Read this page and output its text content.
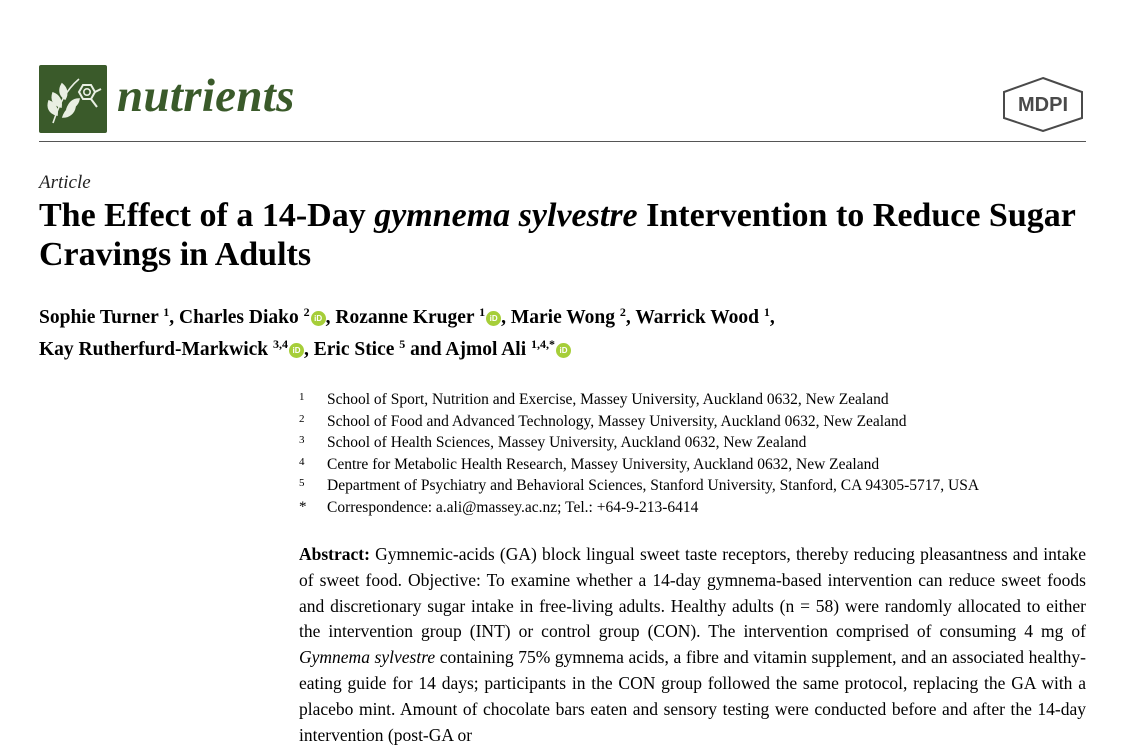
nutrients	MDPI
Article
The Effect of a 14-Day gymnema sylvestre Intervention to Reduce Sugar Cravings in Adults
Sophie Turner $^1$, Charles Diako $^2$ iD , Rozanne Kruger $^1$ iD , Marie Wong $^2$, Warrick Wood $^1$,
Kay Rutherfurd-Markwick $^{3,4}$ iD , Eric Stice $^5$ and Ajmol Ali $^{1,4,*}$ iD
1	School of Sport, Nutrition and Exercise, Massey University, Auckland 0632, New Zealand
2	School of Food and Advanced Technology, Massey University, Auckland 0632, New Zealand
3	School of Health Sciences, Massey University, Auckland 0632, New Zealand
4	Centre for Metabolic Health Research, Massey University, Auckland 0632, New Zealand
5	Department of Psychiatry and Behavioral Sciences, Stanford University, Stanford, CA 94305-5717, USA
*	Correspondence: a.ali@massey.ac.nz; Tel.: +64-9-213-6414
Abstract: Gymnemic-acids (GA) block lingual sweet taste receptors, thereby reducing pleasantness and intake of sweet food. Objective: To examine whether a 14-day gymnema-based intervention can reduce sweet foods and discretionary sugar intake in free-living adults. Healthy adults (n = 58) were randomly allocated to either the intervention group (INT) or control group (CON). The intervention comprised of consuming 4 mg of Gymnema sylvestre containing 75% gymnema acids, a fibre and vitamin supplement, and an associated healthy-eating guide for 14 days; participants in the CON group followed the same protocol, replacing the GA with a placebo mint. Amount of chocolate bars eaten and sensory testing were conducted before and after the 14-day intervention (post-GA or
